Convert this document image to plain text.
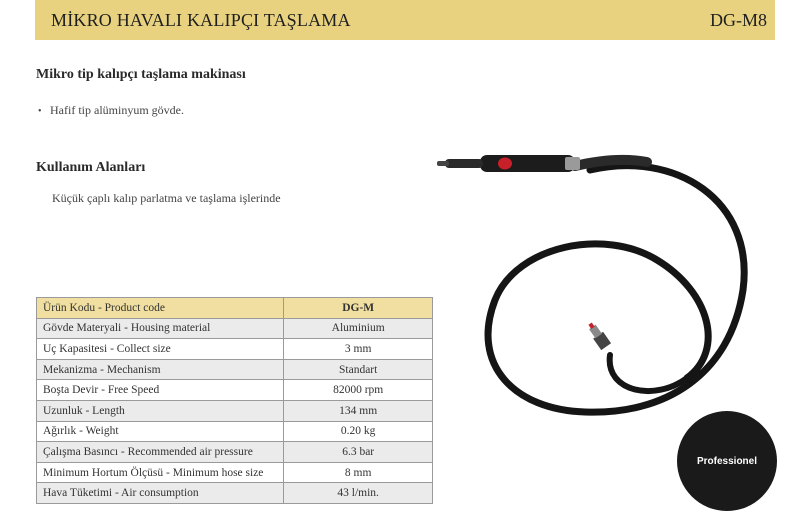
MİKRO HAVALI KALIPÇI TAŞLAMA	DG-M8
Mikro tip kalıpçı taşlama makinası
• Hafif tip alüminyum gövde.
Kullanım Alanları
Küçük çaplı kalıp parlatma ve taşlama işlerinde
Ürün Kodu - Product code	DG-M
Gövde Materyali - Housing material	Aluminium
Uç Kapasitesi - Collect size	3 mm
Mekanizma - Mechanism	Standart
Boşta Devir - Free Speed	82000 rpm
Uzunluk - Length	134 mm
Ağırlık - Weight	0.20 kg
Çalışma Basıncı - Recommended air pressure	6.3 bar
Minimum Hortum Ölçüsü - Minimum hose size	8 mm
Hava Tüketimi - Air consumption	43 l/min.
Professionel
